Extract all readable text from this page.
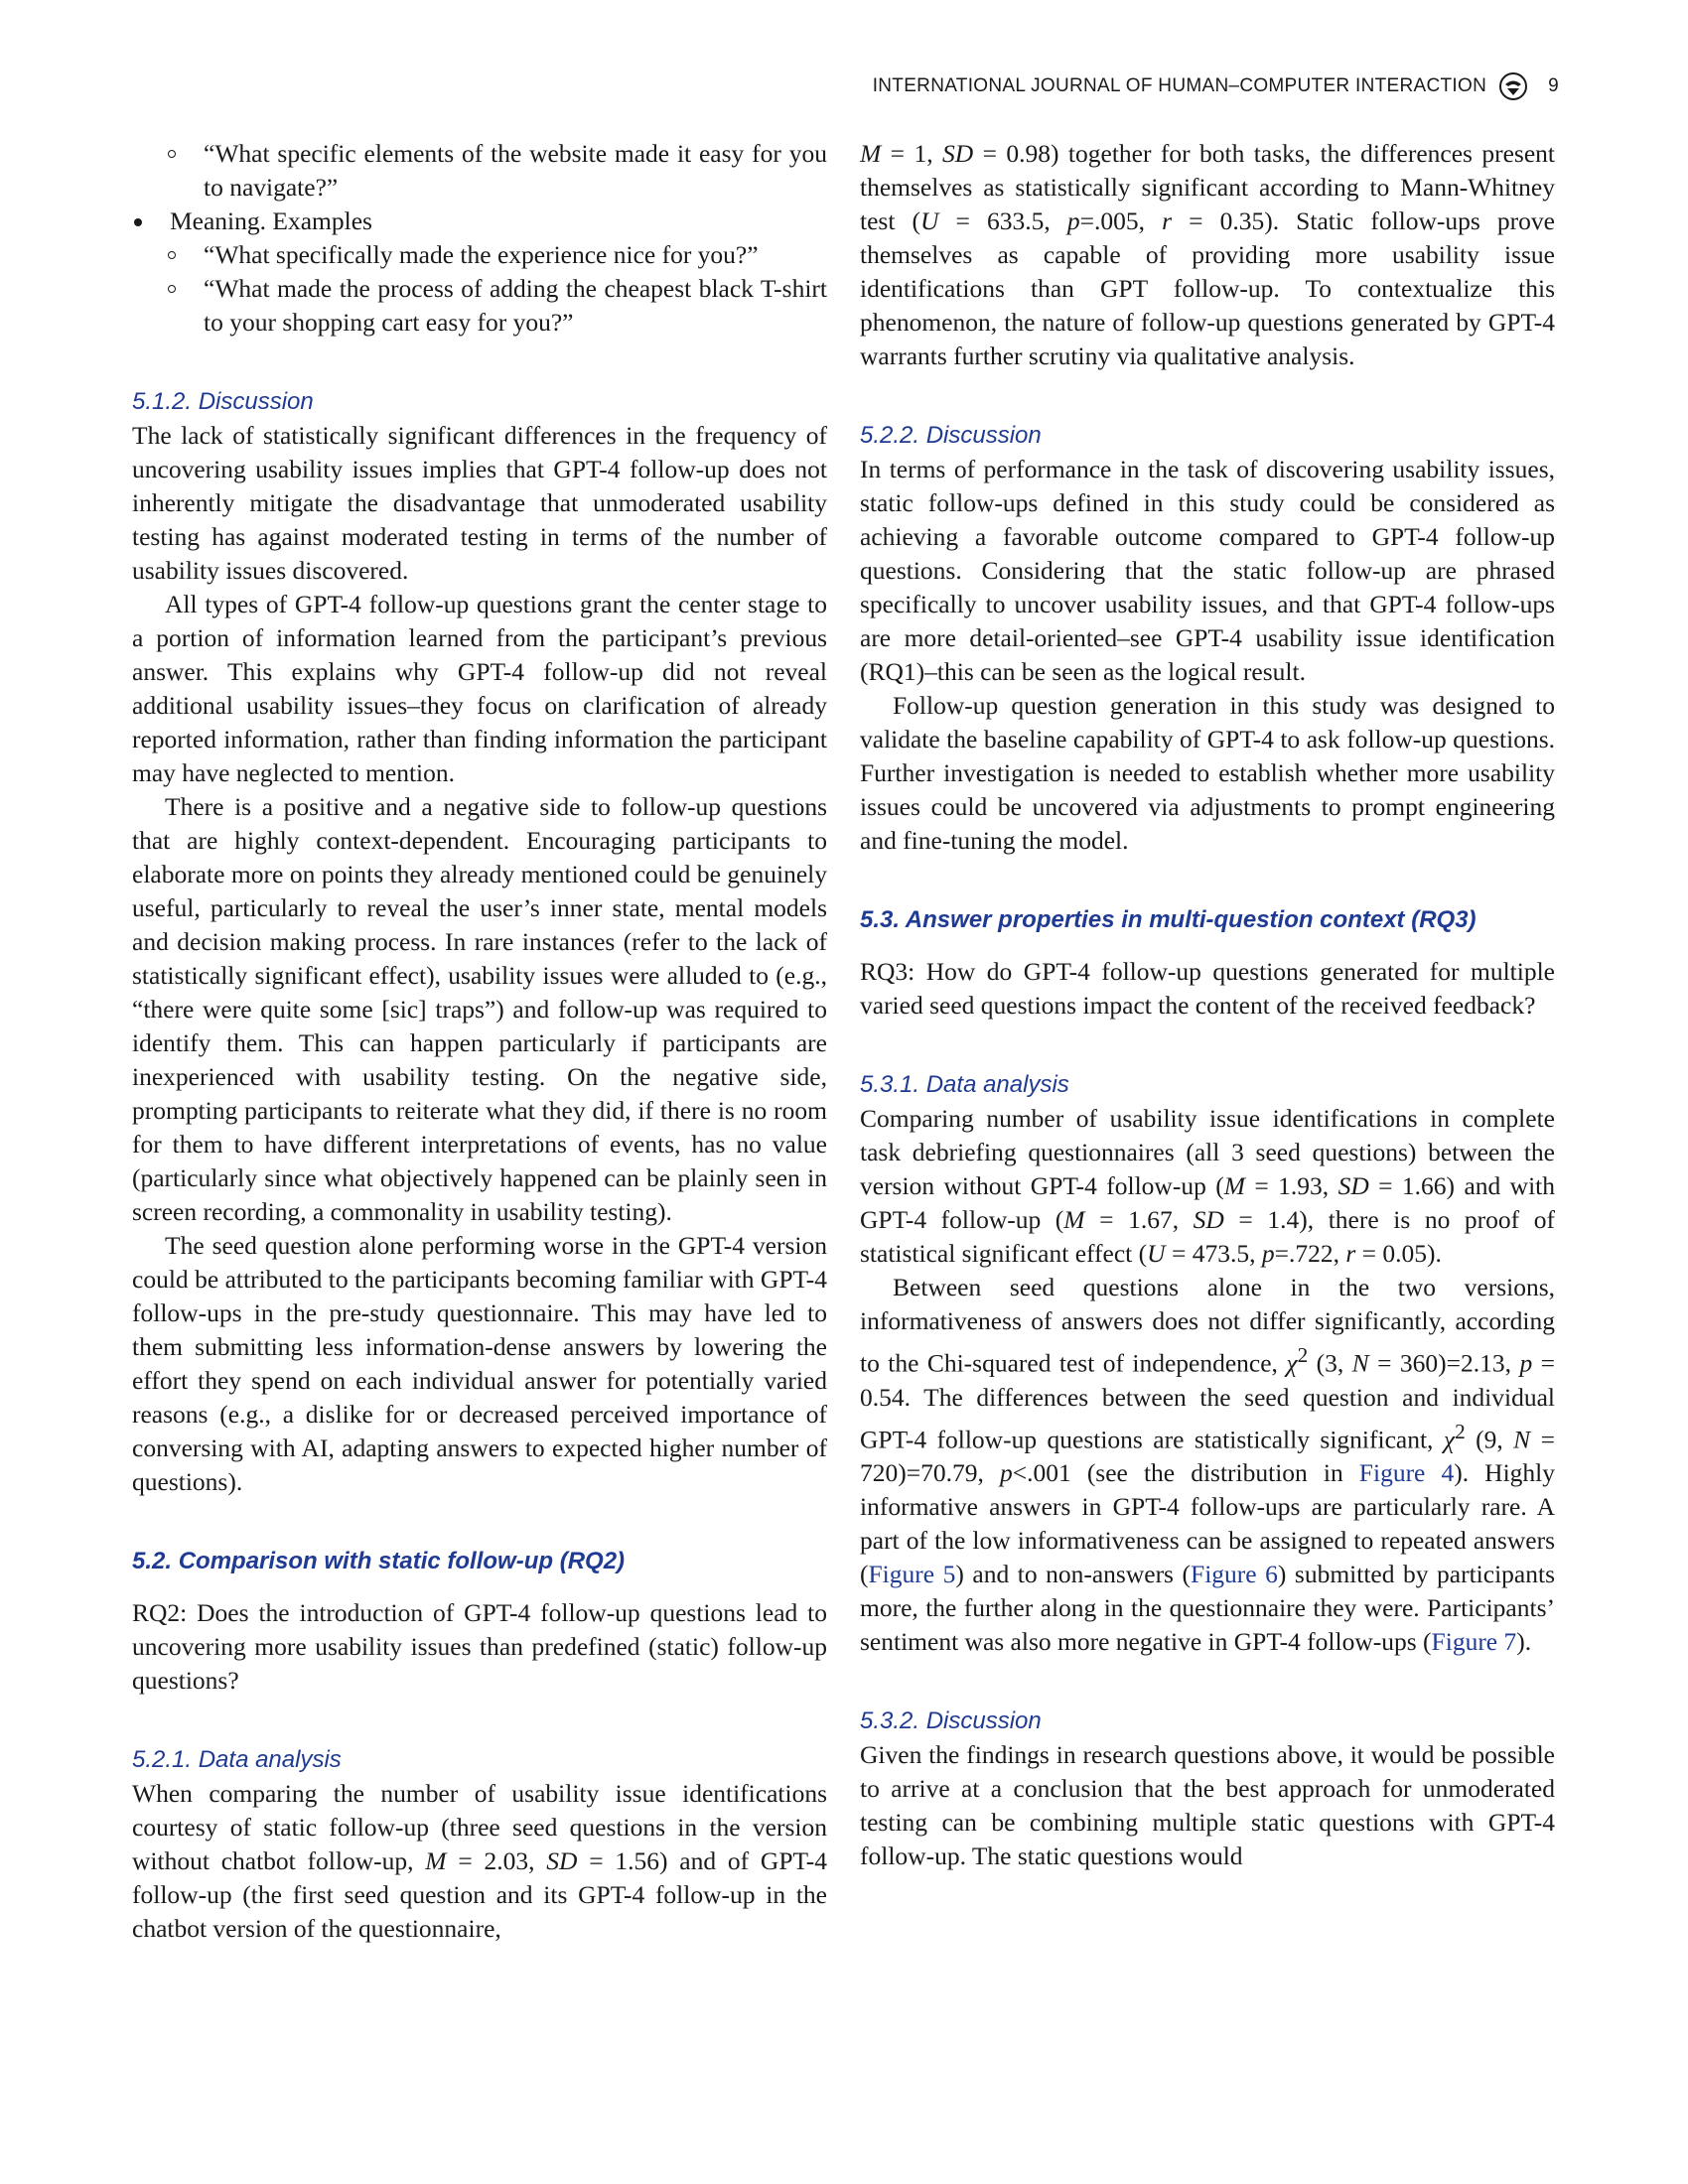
INTERNATIONAL JOURNAL OF HUMAN–COMPUTER INTERACTION	9
“What specific elements of the website made it easy for you to navigate?”
Meaning. Examples
“What specifically made the experience nice for you?”
“What made the process of adding the cheapest black T-shirt to your shopping cart easy for you?”
5.1.2. Discussion

The lack of statistically significant differences in the frequency of uncovering usability issues implies that GPT-4 follow-up does not inherently mitigate the disadvantage that unmoderated usability testing has against moderated testing in terms of the number of usability issues discovered.

All types of GPT-4 follow-up questions grant the center stage to a portion of information learned from the participant’s previous answer. This explains why GPT-4 follow-up did not reveal additional usability issues–they focus on clarification of already reported information, rather than finding information the participant may have neglected to mention.

There is a positive and a negative side to follow-up questions that are highly context-dependent. Encouraging participants to elaborate more on points they already mentioned could be genuinely useful, particularly to reveal the user’s inner state, mental models and decision making process. In rare instances (refer to the lack of statistically significant effect), usability issues were alluded to (e.g., “there were quite some [sic] traps”) and follow-up was required to identify them. This can happen particularly if participants are inexperienced with usability testing. On the negative side, prompting participants to reiterate what they did, if there is no room for them to have different interpretations of events, has no value (particularly since what objectively happened can be plainly seen in screen recording, a commonality in usability testing).

The seed question alone performing worse in the GPT-4 version could be attributed to the participants becoming familiar with GPT-4 follow-ups in the pre-study questionnaire. This may have led to them submitting less information-dense answers by lowering the effort they spend on each individual answer for potentially varied reasons (e.g., a dislike for or decreased perceived importance of conversing with AI, adapting answers to expected higher number of questions).

5.2. Comparison with static follow-up (RQ2)

RQ2: Does the introduction of GPT-4 follow-up questions lead to uncovering more usability issues than predefined (static) follow-up questions?

5.2.1. Data analysis

When comparing the number of usability issue identifications courtesy of static follow-up (three seed questions in the version without chatbot follow-up, M = 2.03, SD = 1.56) and of GPT-4 follow-up (the first seed question and its GPT-4 follow-up in the chatbot version of the questionnaire,

M = 1, SD = 0.98) together for both tasks, the differences present themselves as statistically significant according to Mann-Whitney test (U = 633.5, p=.005, r = 0.35). Static follow-ups prove themselves as capable of providing more usability issue identifications than GPT follow-up. To contextualize this phenomenon, the nature of follow-up questions generated by GPT-4 warrants further scrutiny via qualitative analysis.

5.2.2. Discussion

In terms of performance in the task of discovering usability issues, static follow-ups defined in this study could be considered as achieving a favorable outcome compared to GPT-4 follow-up questions. Considering that the static follow-up are phrased specifically to uncover usability issues, and that GPT-4 follow-ups are more detail-oriented–see GPT-4 usability issue identification (RQ1)–this can be seen as the logical result.

Follow-up question generation in this study was designed to validate the baseline capability of GPT-4 to ask follow-up questions. Further investigation is needed to establish whether more usability issues could be uncovered via adjustments to prompt engineering and fine-tuning the model.

5.3. Answer properties in multi-question context (RQ3)

RQ3: How do GPT-4 follow-up questions generated for multiple varied seed questions impact the content of the received feedback?

5.3.1. Data analysis

Comparing number of usability issue identifications in complete task debriefing questionnaires (all 3 seed questions) between the version without GPT-4 follow-up (M = 1.93, SD = 1.66) and with GPT-4 follow-up (M = 1.67, SD = 1.4), there is no proof of statistical significant effect (U = 473.5, p=.722, r = 0.05).

Between seed questions alone in the two versions, informativeness of answers does not differ significantly, according to the Chi-squared test of independence, $\chi^2$ (3, N = 360)=2.13, p = 0.54. The differences between the seed question and individual GPT-4 follow-up questions are statistically significant, $\chi^2$ (9, N = 720)=70.79, p<.001 (see the distribution in Figure 4). Highly informative answers in GPT-4 follow-ups are particularly rare. A part of the low informativeness can be assigned to repeated answers (Figure 5) and to non-answers (Figure 6) submitted by participants more, the further along in the questionnaire they were. Participants’ sentiment was also more negative in GPT-4 follow-ups (Figure 7).

5.3.2. Discussion

Given the findings in research questions above, it would be possible to arrive at a conclusion that the best approach for unmoderated testing can be combining multiple static questions with GPT-4 follow-up. The static questions would
